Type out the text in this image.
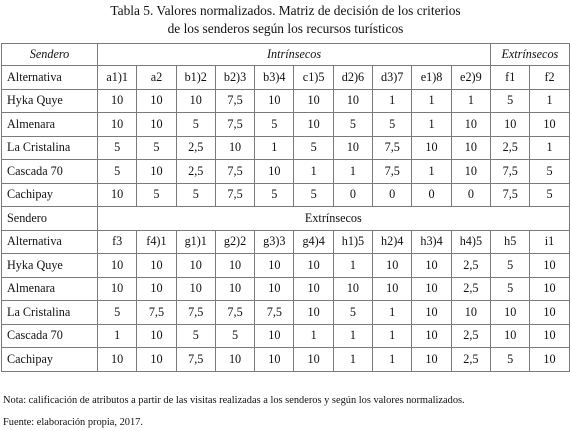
Tabla 5. Valores normalizados. Matriz de decisión de los criterios
de los senderos según los recursos turísticos
Sendero	Intrínsecos										Extrínsecos	
Alternativa	a1)1	a2	b1)2	b2)3	b3)4	c1)5	d2)6	d3)7	e1)8	e2)9	f1	f2
Hyka Quye	10	10	10	7,5	10	10	10	1	1	1	5	1
Almenara	10	10	5	7,5	5	10	5	5	1	10	10	10
La Cristalina	5	5	2,5	10	1	5	10	7,5	10	10	2,5	1
Cascada 70	5	10	2,5	7,5	10	1	1	7,5	1	10	7,5	5
Cachipay	10	5	5	7,5	5	5	0	0	0	0	7,5	5
Sendero	Extrínsecos											
Alternativa	f3	f4)1	g1)1	g2)2	g3)3	g4)4	h1)5	h2)4	h3)4	h4)5	h5	i1
Hyka Quye	10	10	10	10	10	10	1	10	10	2,5	5	10
Almenara	10	10	10	10	10	10	10	10	10	2,5	5	10
La Cristalina	5	7,5	7,5	7,5	7,5	10	5	1	10	10	10	10
Cascada 70	1	10	5	5	10	1	1	1	10	2,5	10	10
Cachipay	10	10	7,5	10	10	10	1	1	10	2,5	5	10
Nota: calificación de atributos a partir de las visitas realizadas a los senderos y según los valores normalizados.
Fuente: elaboración propia, 2017.
